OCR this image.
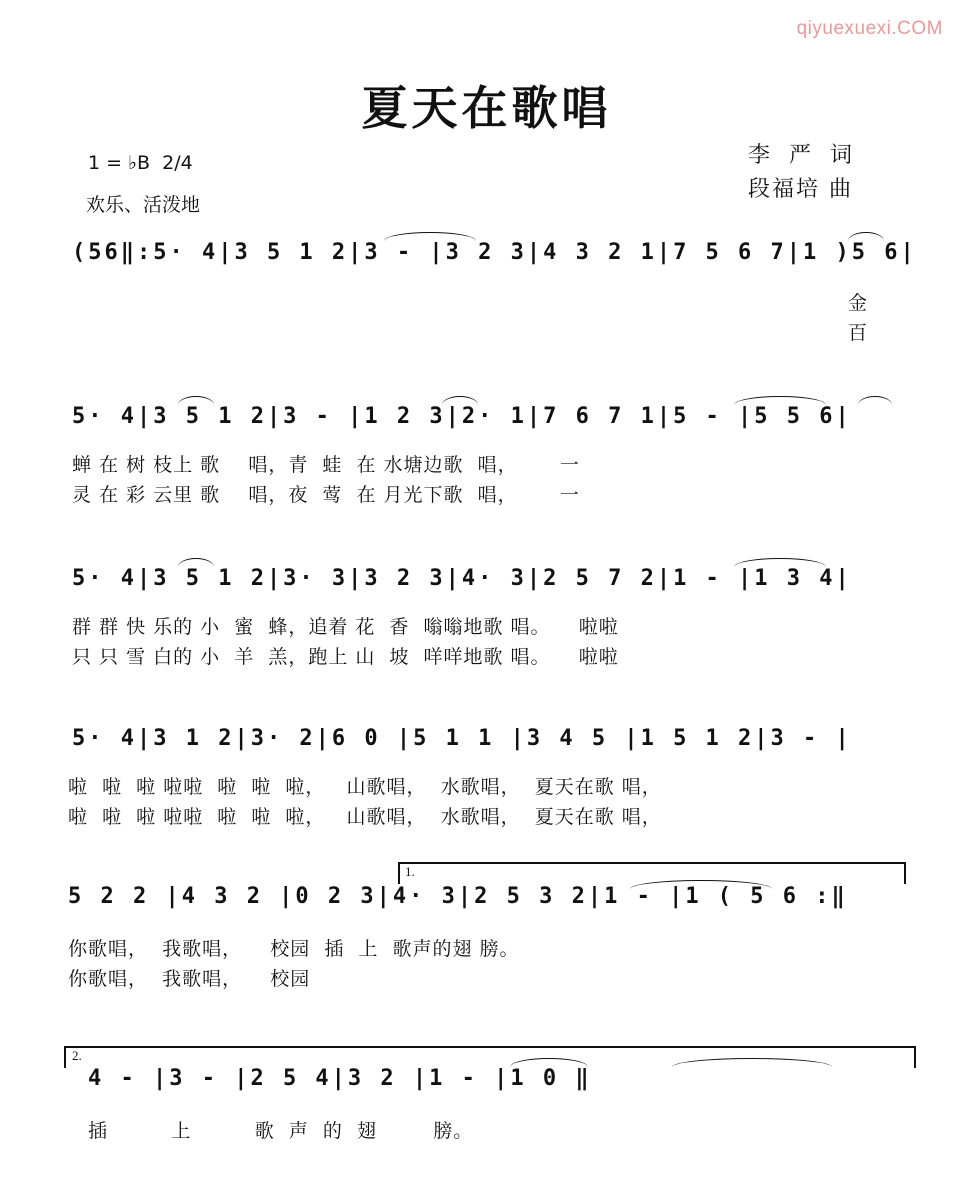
qiyuexuexi.COM
夏天在歌唱
1 = ♭B  2/4
欢乐、活泼地
李 严 词
段福培 曲
(56‖:5· 4|3 5 1 2|3 - |3 2 3|4 3 2 1|7 5 6 7|1 )5 6|
金
百
5· 4|3 5 1 2|3 - |1 2 3|2· 1|7 6 7 1|5 - |5 5 6|
蝉 在 树 枝上 歌    唱，青  蛙  在 水塘边歌  唱，      一
灵 在 彩 云里 歌    唱，夜  莺  在 月光下歌  唱，      一
5· 4|3 5 1 2|3· 3|3 2 3|4· 3|2 5 7 2|1 - |1 3 4|
群 群 快 乐的 小  蜜  蜂，追着 花  香  嗡嗡地歌 唱。    啦啦
只 只 雪 白的 小  羊  羔，跑上 山  坡  咩咩地歌 唱。    啦啦
5· 4|3 1 2|3· 2|6 0 |5 1 1 |3 4 5 |1 5 1 2|3 - |
啦  啦  啦 啦啦  啦  啦  啦，   山歌唱，  水歌唱，  夏天在歌 唱，
啦  啦  啦 啦啦  啦  啦  啦，   山歌唱，  水歌唱，  夏天在歌 唱，
1.
5 2 2 |4 3 2 |0 2 3|4· 3|2 5 3 2|1 - |1 ( 5 6 :‖
你歌唱，  我歌唱，    校园  插  上  歌声的翅 膀。
你歌唱，  我歌唱，    校园
2.
4 - |3 - |2 5 4|3 2 |1 - |1 0 ‖
插         上         歌  声  的  翅        膀。
